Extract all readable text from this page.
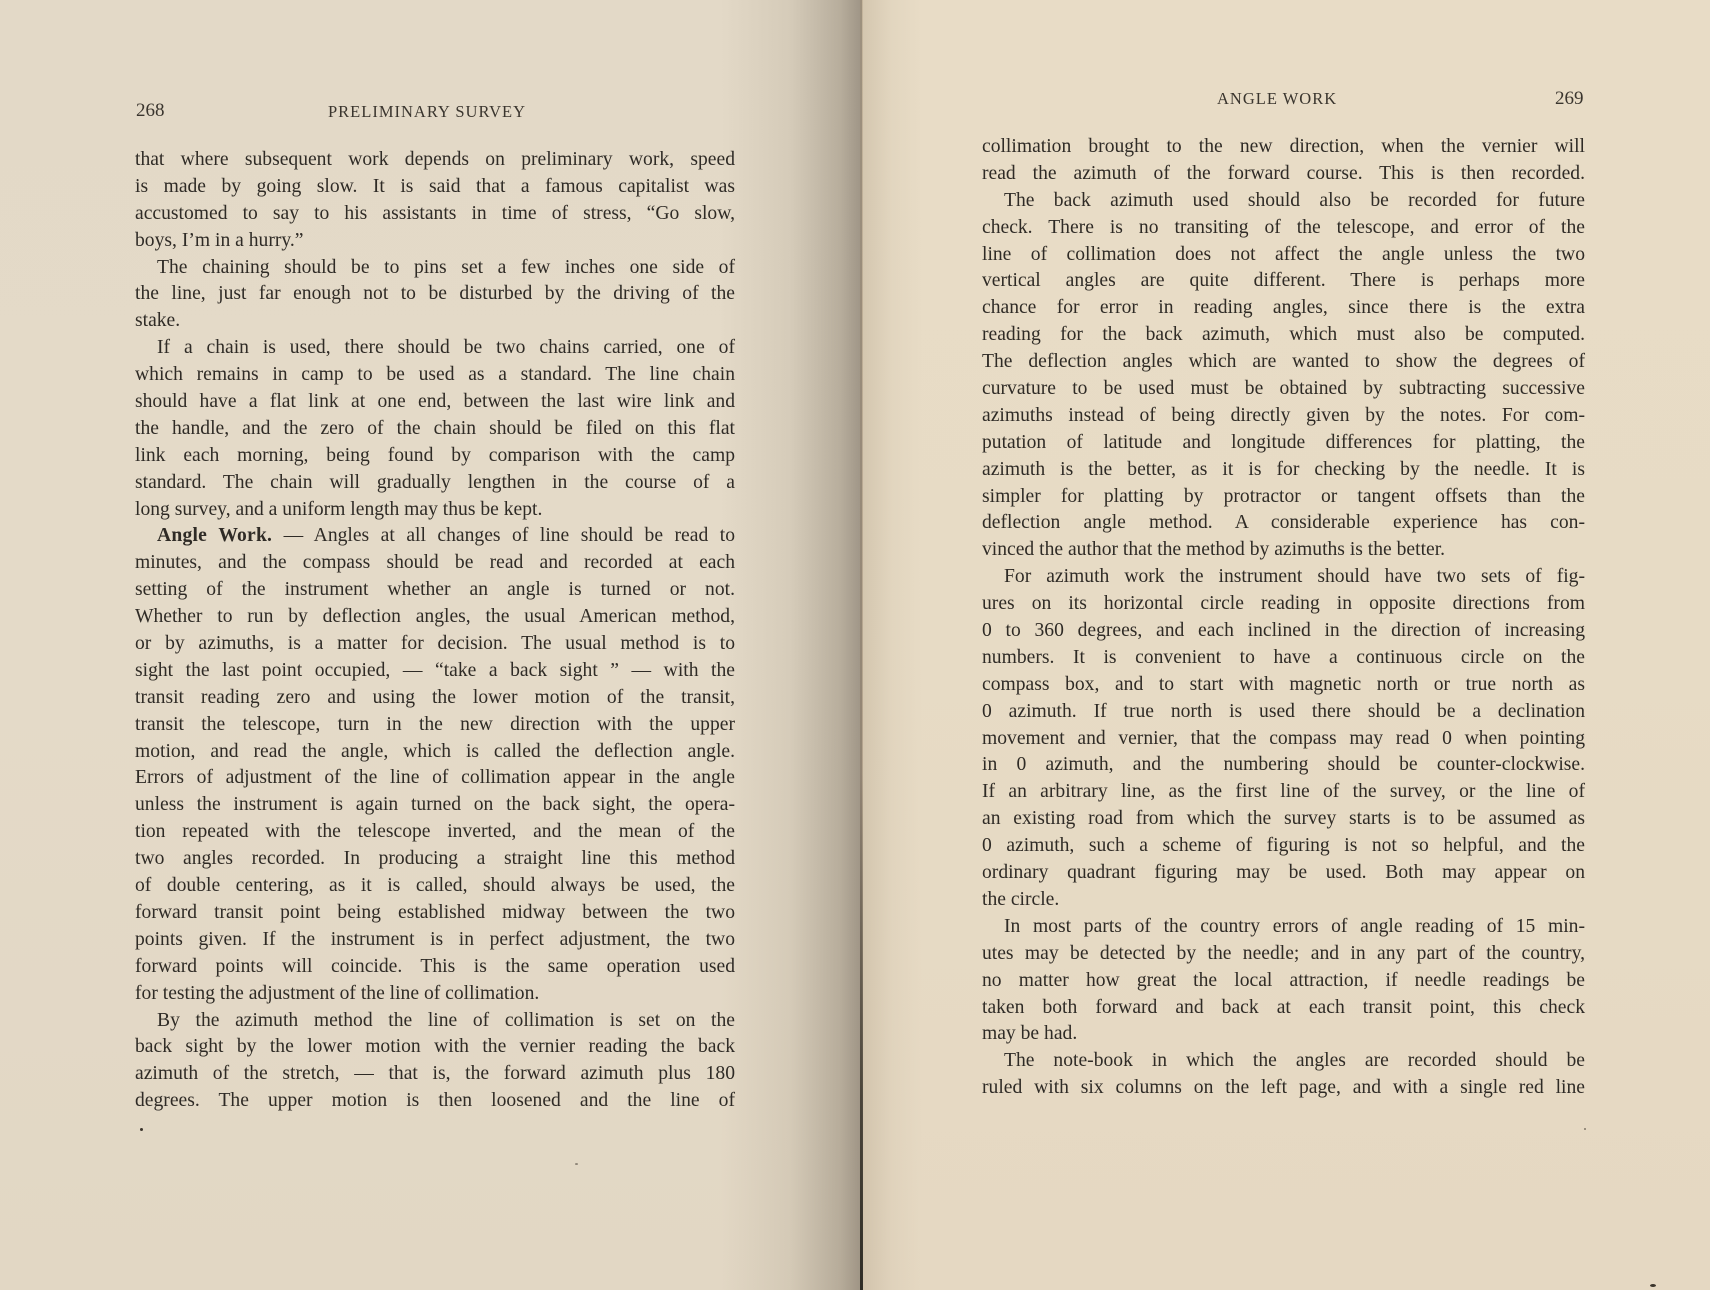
268	PRELIMINARY SURVEY
that where subsequent work depends on preliminary work, speed
is made by going slow. It is said that a famous capitalist was
accustomed to say to his assistants in time of stress, “Go slow,
boys, I’m in a hurry.”
The chaining should be to pins set a few inches one side of
the line, just far enough not to be disturbed by the driving of the
stake.
If a chain is used, there should be two chains carried, one of
which remains in camp to be used as a standard. The line chain
should have a flat link at one end, between the last wire link and
the handle, and the zero of the chain should be filed on this flat
link each morning, being found by comparison with the camp
standard. The chain will gradually lengthen in the course of a
long survey, and a uniform length may thus be kept.
Angle Work. — Angles at all changes of line should be read to
minutes, and the compass should be read and recorded at each
setting of the instrument whether an angle is turned or not.
Whether to run by deflection angles, the usual American method,
or by azimuths, is a matter for decision. The usual method is to
sight the last point occupied, — “take a back sight ” — with the
transit reading zero and using the lower motion of the transit,
transit the telescope, turn in the new direction with the upper
motion, and read the angle, which is called the deflection angle.
Errors of adjustment of the line of collimation appear in the angle
unless the instrument is again turned on the back sight, the opera-
tion repeated with the telescope inverted, and the mean of the
two angles recorded. In producing a straight line this method
of double centering, as it is called, should always be used, the
forward transit point being established midway between the two
points given. If the instrument is in perfect adjustment, the two
forward points will coincide. This is the same operation used
for testing the adjustment of the line of collimation.
By the azimuth method the line of collimation is set on the
back sight by the lower motion with the vernier reading the back
azimuth of the stretch, — that is, the forward azimuth plus 180
degrees. The upper motion is then loosened and the line of
ANGLE WORK	269
collimation brought to the new direction, when the vernier will
read the azimuth of the forward course. This is then recorded.
The back azimuth used should also be recorded for future
check. There is no transiting of the telescope, and error of the
line of collimation does not affect the angle unless the two
vertical angles are quite different. There is perhaps more
chance for error in reading angles, since there is the extra
reading for the back azimuth, which must also be computed.
The deflection angles which are wanted to show the degrees of
curvature to be used must be obtained by subtracting successive
azimuths instead of being directly given by the notes. For com-
putation of latitude and longitude differences for platting, the
azimuth is the better, as it is for checking by the needle. It is
simpler for platting by protractor or tangent offsets than the
deflection angle method. A considerable experience has con-
vinced the author that the method by azimuths is the better.
For azimuth work the instrument should have two sets of fig-
ures on its horizontal circle reading in opposite directions from
0 to 360 degrees, and each inclined in the direction of increasing
numbers. It is convenient to have a continuous circle on the
compass box, and to start with magnetic north or true north as
0 azimuth. If true north is used there should be a declination
movement and vernier, that the compass may read 0 when pointing
in 0 azimuth, and the numbering should be counter-clockwise.
If an arbitrary line, as the first line of the survey, or the line of
an existing road from which the survey starts is to be assumed as
0 azimuth, such a scheme of figuring is not so helpful, and the
ordinary quadrant figuring may be used. Both may appear on
the circle.
In most parts of the country errors of angle reading of 15 min-
utes may be detected by the needle; and in any part of the country,
no matter how great the local attraction, if needle readings be
taken both forward and back at each transit point, this check
may be had.
The note-book in which the angles are recorded should be
ruled with six columns on the left page, and with a single red line
